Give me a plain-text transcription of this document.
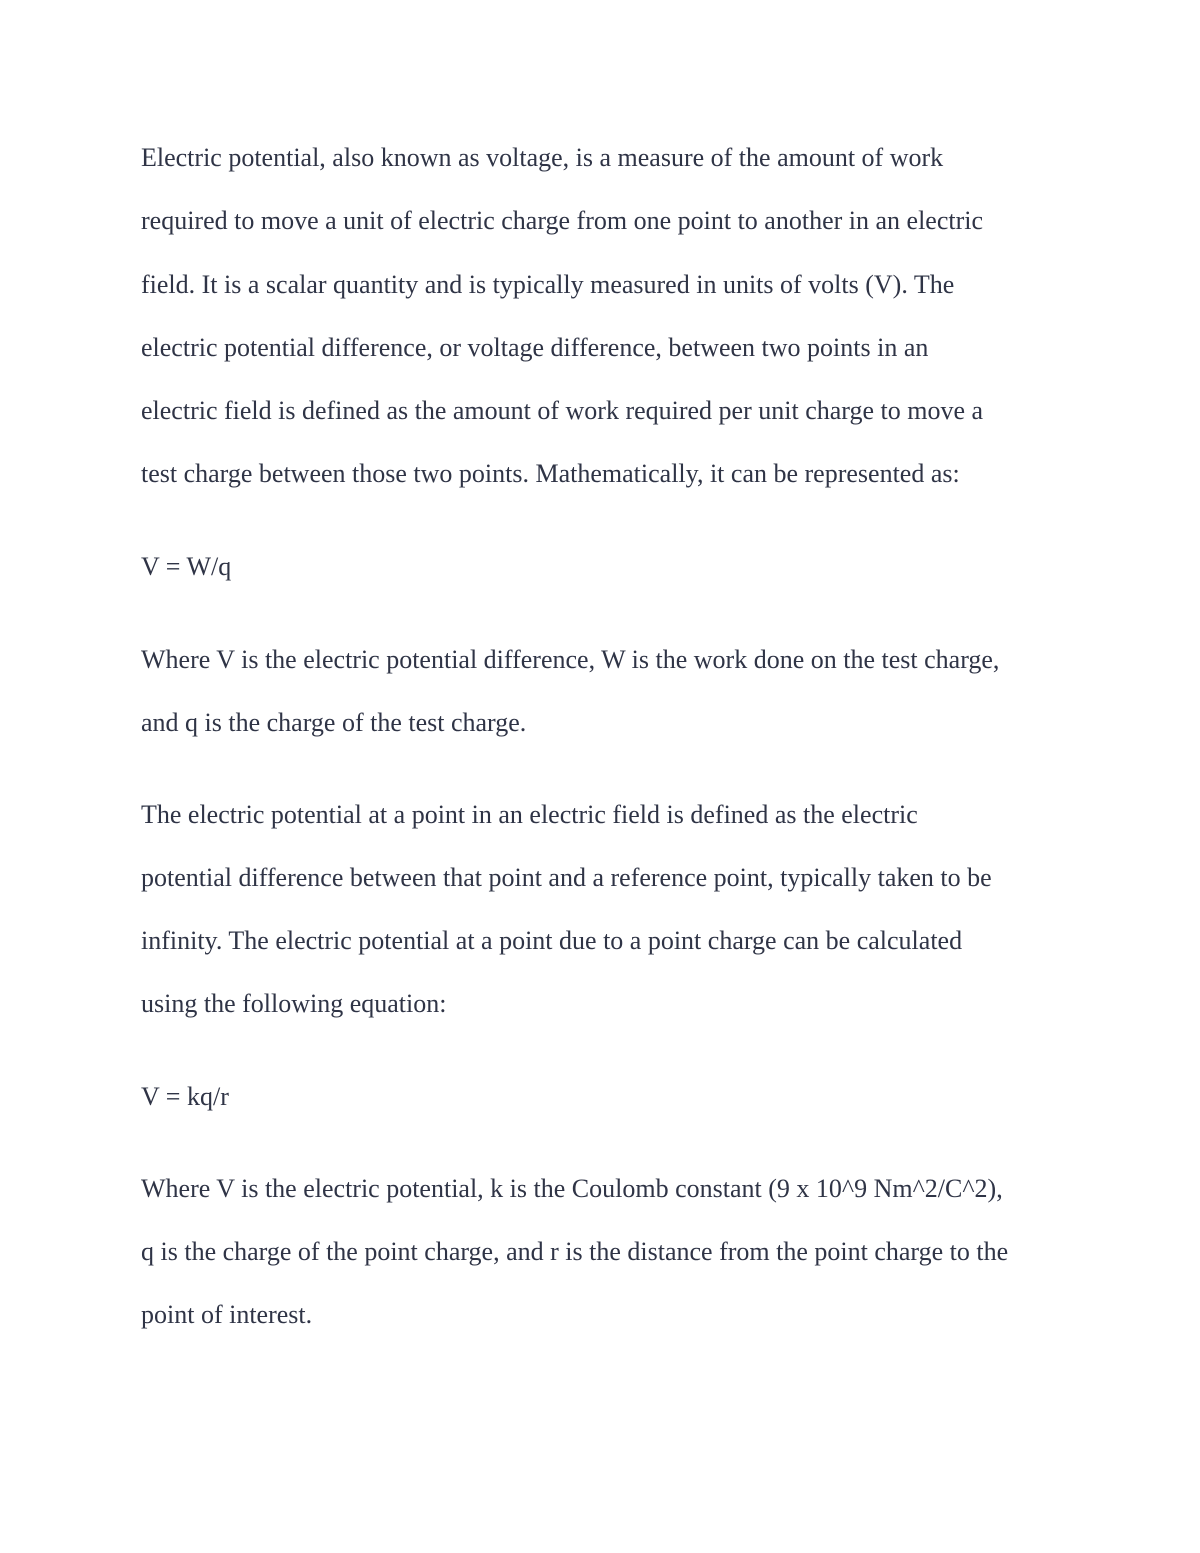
Electric potential, also known as voltage, is a measure of the amount of work

required to move a unit of electric charge from one point to another in an electric

field. It is a scalar quantity and is typically measured in units of volts (V). The

electric potential difference, or voltage difference, between two points in an

electric field is defined as the amount of work required per unit charge to move a

test charge between those two points. Mathematically, it can be represented as:

V = W/q

Where V is the electric potential difference, W is the work done on the test charge,

and q is the charge of the test charge.

The electric potential at a point in an electric field is defined as the electric

potential difference between that point and a reference point, typically taken to be

infinity. The electric potential at a point due to a point charge can be calculated

using the following equation:

V = kq/r

Where V is the electric potential, k is the Coulomb constant (9 x 10^9 Nm^2/C^2),

q is the charge of the point charge, and r is the distance from the point charge to the

point of interest.
